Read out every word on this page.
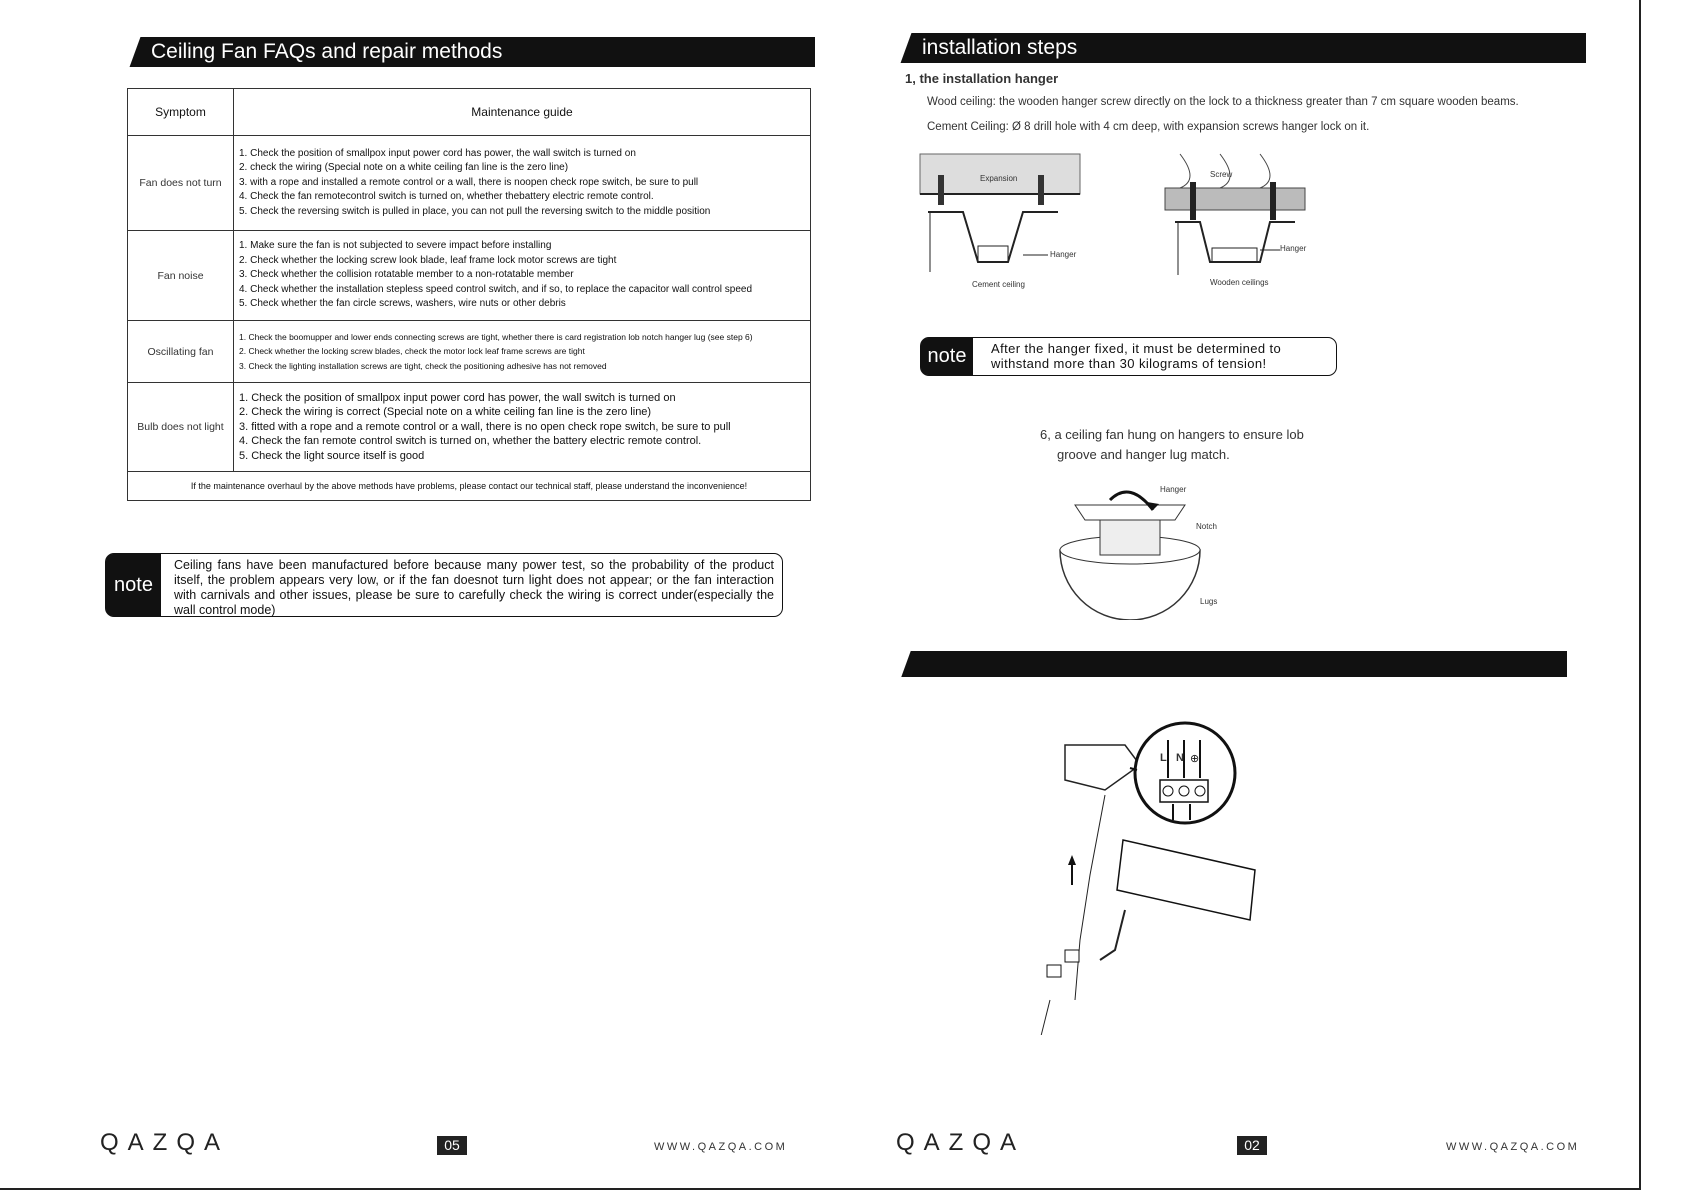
Ceiling Fan FAQs and repair methods
Symptom	Maintenance guide
Fan does not turn	1. Check the position of smallpox input power cord has power, the wall switch is turned on
2. check the wiring (Special note on a white ceiling fan line is the zero line)
3. with a rope and installed a remote control or a wall, there is noopen check rope switch, be sure to pull
4. Check the fan remotecontrol switch is turned on, whether thebattery electric remote control.
5. Check the reversing switch is pulled in place, you can not pull the reversing switch to the middle position

Fan noise	1. Make sure the fan is not subjected to severe impact before installing
2. Check whether the locking screw look blade, leaf frame lock motor screws are tight
3. Check whether the collision rotatable member to a non-rotatable member
4. Check whether the installation stepless speed control switch, and if so, to replace the capacitor wall control speed
5. Check whether the fan circle screws, washers, wire nuts or other debris

Oscillating fan	1. Check the boomupper and lower ends connecting screws are tight, whether there is card registration lob notch hanger lug (see step 6)
2. Check whether the locking screw blades, check the motor lock leaf frame screws are tight
3. Check the lighting installation screws are tight, check the positioning adhesive has not removed

Bulb does not light	1. Check the position of smallpox input power cord has power, the wall switch is turned on
2. Check the wiring is correct (Special note on a white ceiling fan line is the zero line)
3. fitted with a rope and a remote control or a wall, there is no open check rope switch, be sure to pull
4. Check the fan remote control switch is turned on, whether the battery electric remote control.
5. Check the light source itself is good

If the maintenance overhaul by the above methods have problems, please contact our technical staff, please understand the inconvenience!	
note
Ceiling fans have been manufactured before because many power test, so the probability of the product itself, the problem appears very low, or if the fan doesnot turn light does not appear; or the fan interaction with carnivals and other issues, please be sure to carefully check the wiring is correct under(especially the wall control mode)
QAZQA	05	WWW.QAZQA.COM
installation steps
1, the installation hanger
Wood ceiling: the wooden hanger screw directly on the lock to a thickness greater than 7 cm square wooden beams.
Cement Ceiling: Ø 8 drill hole with 4 cm deep, with expansion screws hanger lock on it.
Expansion
Hanger
Cement ceiling
Screw
Hanger
Wooden ceilings
note	After the hanger fixed, it must be determined to withstand more than 30 kilograms of tension!
6, a ceiling fan hung on hangers to ensure lob
groove and hanger lug match.
Hanger
Notch
Lugs
L N ⊕
QAZQA	02	WWW.QAZQA.COM
